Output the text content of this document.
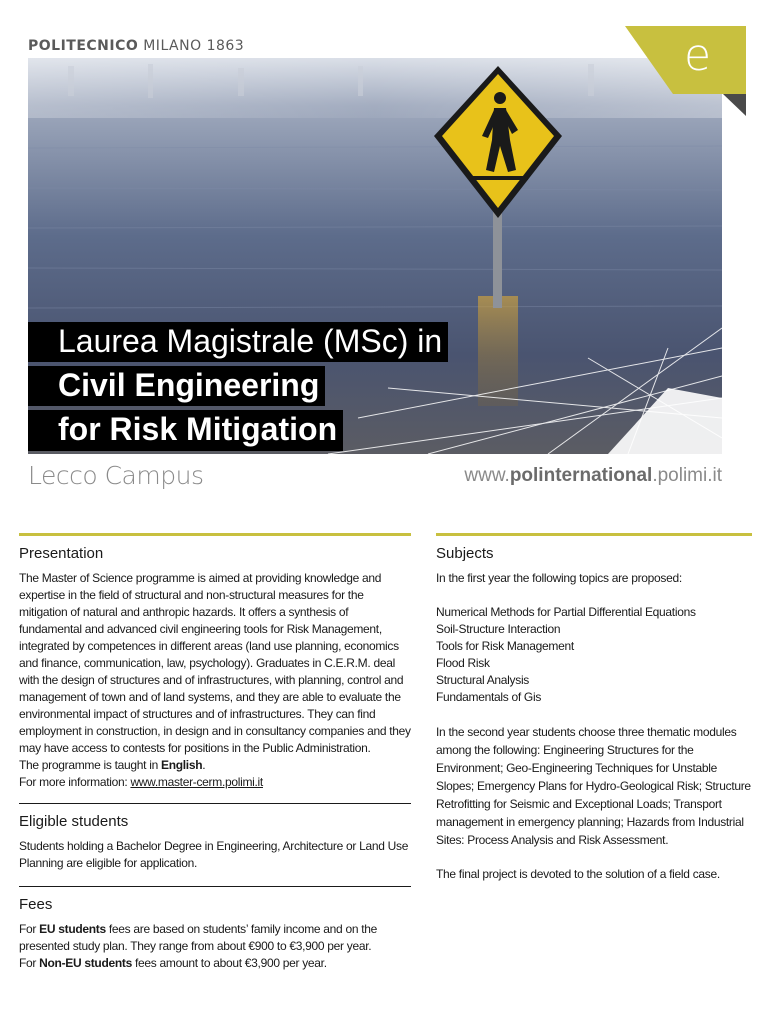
POLITECNICO MILANO 1863	e
Laurea Magistrale (MSc) in
Civil Engineering
for Risk Mitigation
Lecco Campus	www.polinternational.polimi.it
Presentation

The Master of Science programme is aimed at providing knowledge and expertise in the field of structural and non-structural measures for the mitigation of natural and anthropic hazards. It offers a synthesis of fundamental and advanced civil engineering tools for Risk Management, integrated by competences in different areas (land use planning, economics and finance, communication, law, psychology). Graduates in C.E.R.M. deal with the design of structures and of infrastructures, with planning, control and management of town and of land systems, and they are able to evaluate the environmental impact of structures and of infrastructures. They can find employment in construction, in design and in consultancy companies and they may have access to contests for positions in the Public Administration.

The programme is taught in English.

For more information: www.master-cerm.polimi.it

Eligible students

Students holding a Bachelor Degree in Engineering, Architecture or Land Use Planning are eligible for application.

Fees

For EU students fees are based on students’ family income and on the presented study plan. They range from about €900 to €3,900 per year.

For Non-EU students fees amount to about €3,900 per year.

Subjects

In the first year the following topics are proposed:

Numerical Methods for Partial Differential Equations
Soil-Structure Interaction
Tools for Risk Management
Flood Risk
Structural Analysis
Fundamentals of Gis

In the second year students choose three thematic modules among the following: Engineering Structures for the Environment; Geo-Engineering Techniques for Unstable Slopes; Emergency Plans for Hydro-Geological Risk; Structure Retrofitting for Seismic and Exceptional Loads; Transport management in emergency planning; Hazards from Industrial Sites: Process Analysis and Risk Assessment.

The final project is devoted to the solution of a field case.
